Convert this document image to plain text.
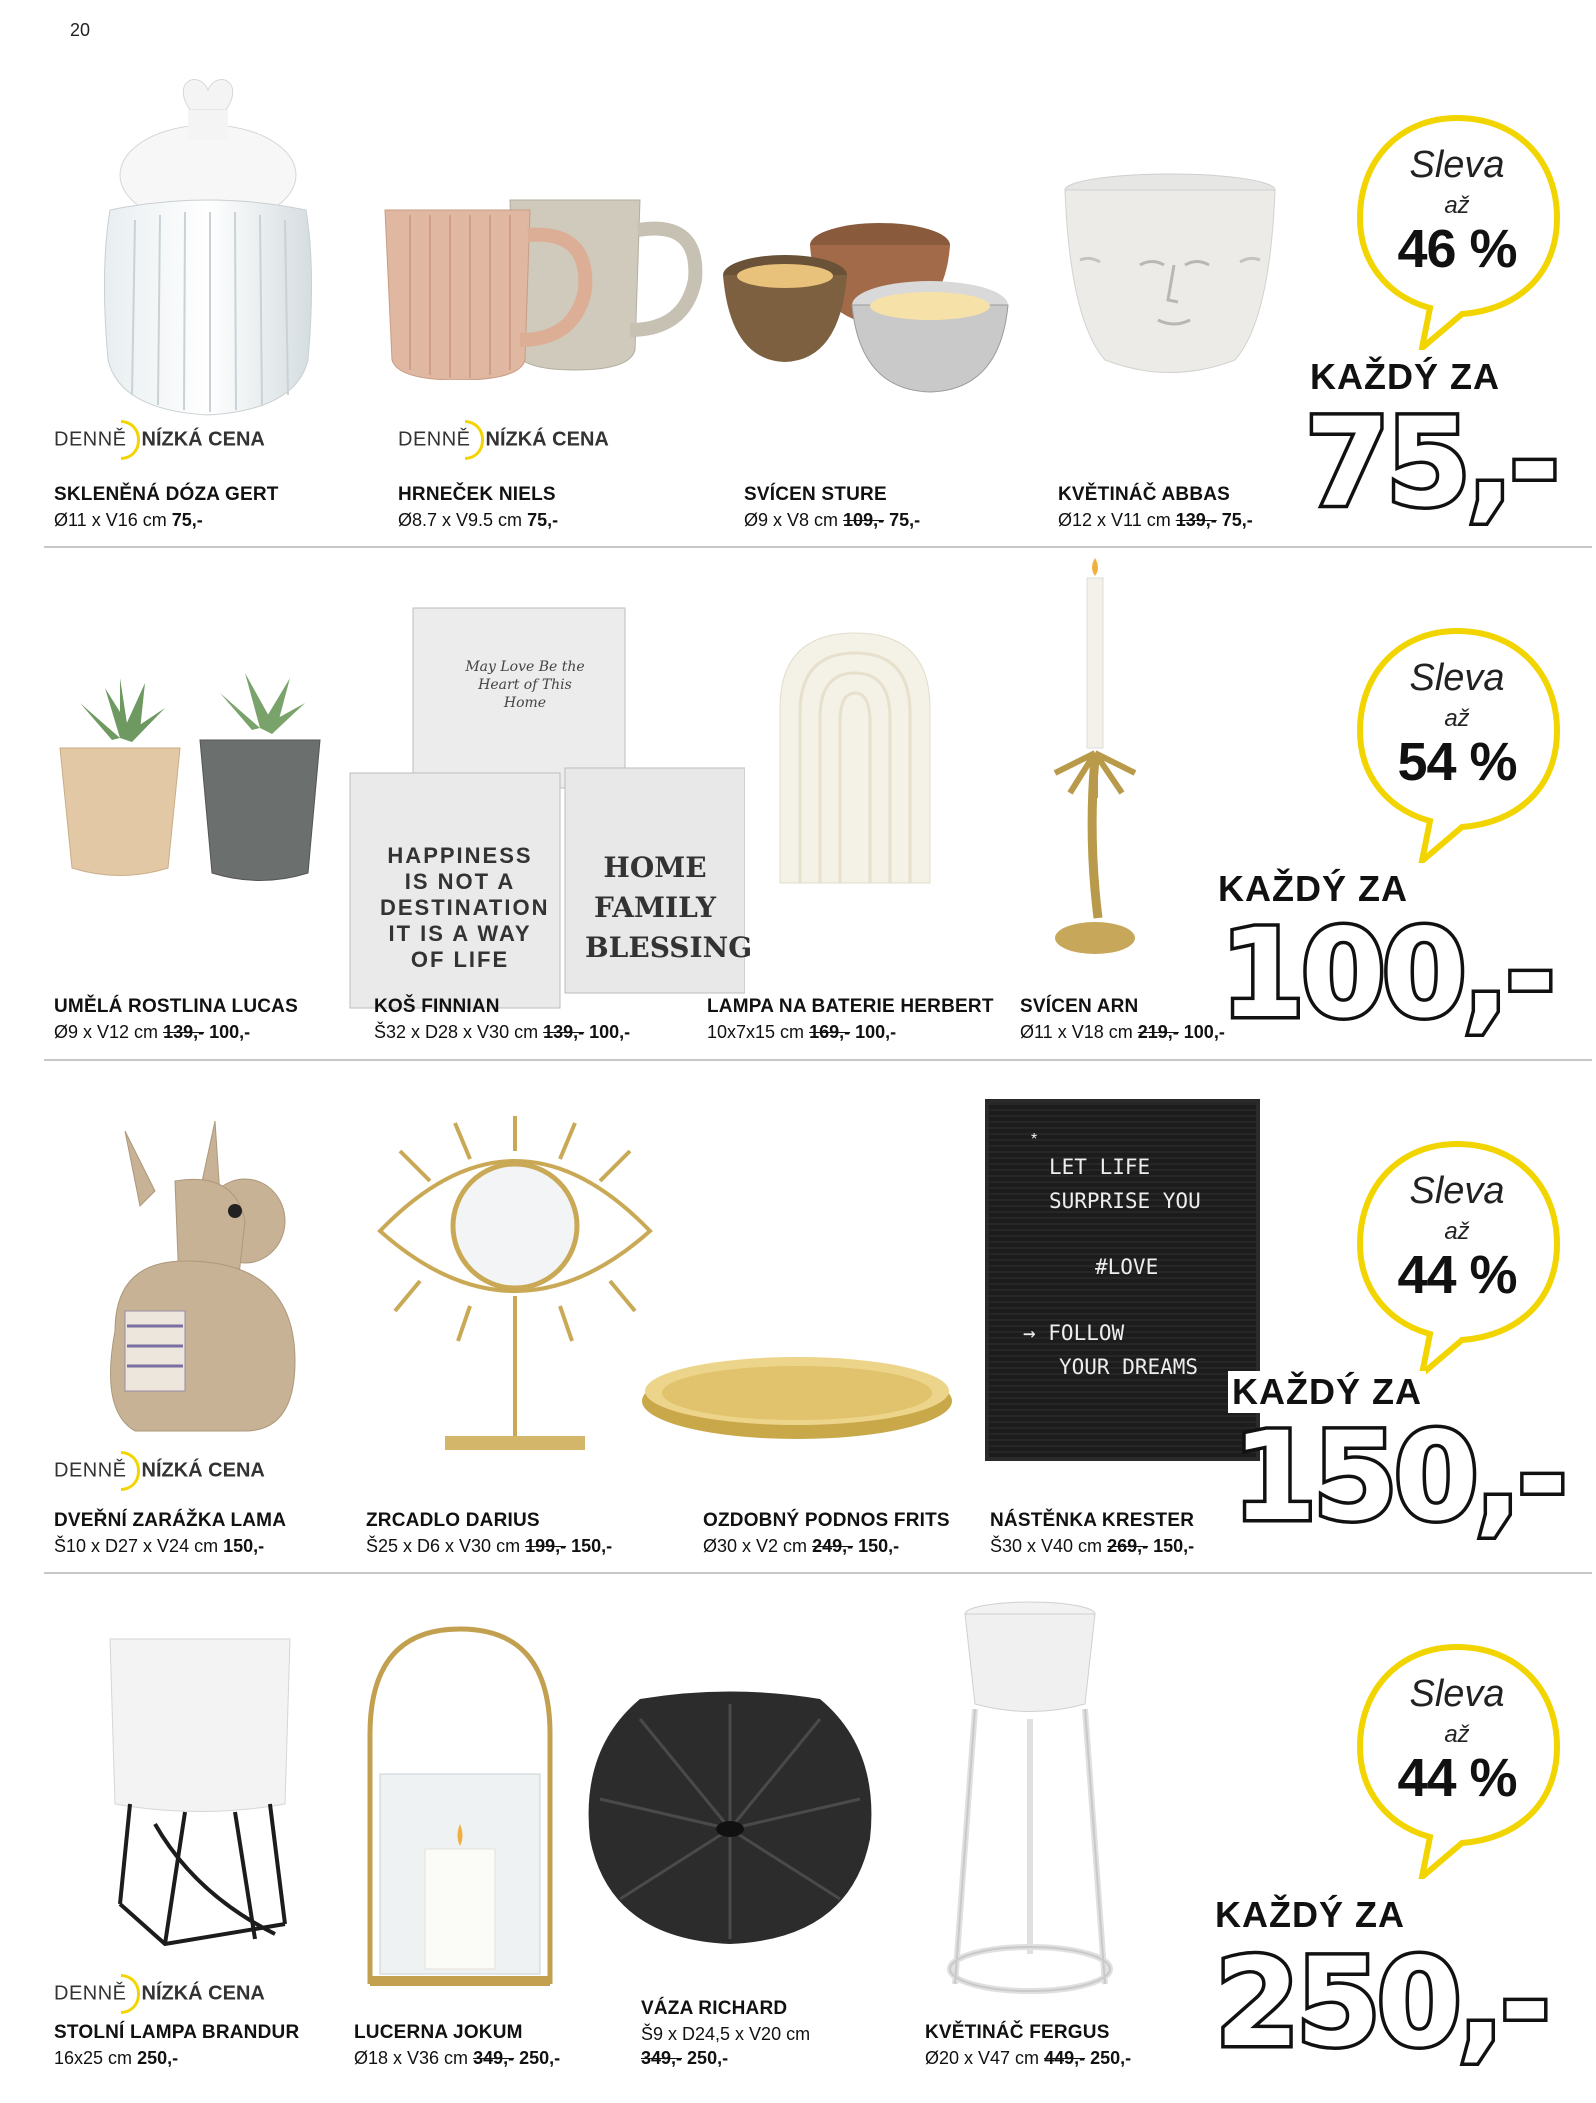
20
DENNĚ NÍZKÁ CENA
SKLENĚNÁ DÓZA GERT
Ø11 x V16 cm 75,-
DENNĚ NÍZKÁ CENA
HRNEČEK NIELS
Ø8.7 x V9.5 cm 75,-
SVÍCEN STURE
Ø9 x V8 cm 109,- 75,-
KVĚTINÁČ ABBAS
Ø12 x V11 cm 139,- 75,-
Sleva
až
46 %
KAŽDÝ ZA
75,-
UMĚLÁ ROSTLINA LUCAS
Ø9 x V12 cm 139,- 100,-
May Love Be the Heart of This Home
HAPPINESS IS NOT A DESTINATION IT IS A WAY OF LIFE
HOME FAMILY BLESSING
KOŠ FINNIAN
Š32 x D28 x V30 cm 139,- 100,-
LAMPA NA BATERIE HERBERT
10x7x15 cm 169,- 100,-
SVÍCEN ARN
Ø11 x V18 cm 219,- 100,-
Sleva
až
54 %
KAŽDÝ ZA
100,-
DENNĚ NÍZKÁ CENA
DVEŘNÍ ZARÁŽKA LAMA
Š10 x D27 x V24 cm 150,-
ZRCADLO DARIUS
Š25 x D6 x V30 cm 199,- 150,-
OZDOBNÝ PODNOS FRITS
Ø30 x V2 cm 249,- 150,-
*
LET LIFE
SURPRISE YOU
#LOVE
→ FOLLOW
YOUR DREAMS
NÁSTĚNKA KRESTER
Š30 x V40 cm 269,- 150,-
Sleva
až
44 %
KAŽDÝ ZA
150,-
DENNĚ NÍZKÁ CENA
STOLNÍ LAMPA BRANDUR
16x25 cm 250,-
LUCERNA JOKUM
Ø18 x V36 cm 349,- 250,-
VÁZA RICHARD
Š9 x D24,5 x V20 cm
349,- 250,-
KVĚTINÁČ FERGUS
Ø20 x V47 cm 449,- 250,-
Sleva
až
44 %
KAŽDÝ ZA
250,-
